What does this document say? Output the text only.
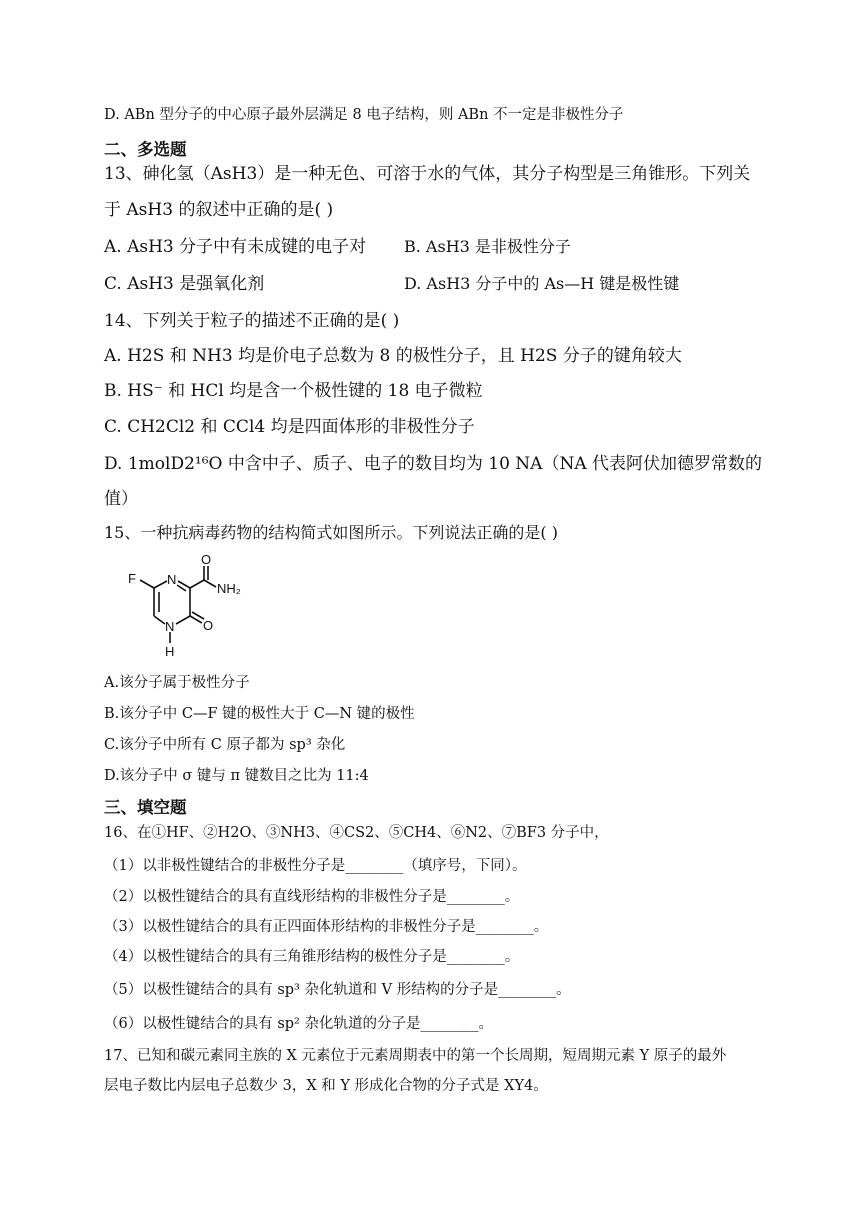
D. ABn 型分子的中心原子最外层满足 8 电子结构，则 ABn 不一定是非极性分子
二、多选题
13、砷化氢（AsH3）是一种无色、可溶于水的气体，其分子构型是三角锥形。下列关
于 AsH3 的叙述中正确的是( )
A. AsH3 分子中有未成键的电子对 B. AsH3 是非极性分子
C. AsH3 是强氧化剂	D. AsH3 分子中的 As—H 键是极性键
14、下列关于粒子的描述不正确的是( )
A. H2S 和 NH3 均是价电子总数为 8 的极性分子，且 H2S 分子的键角较大
B. HS⁻ 和 HCl 均是含一个极性键的 18 电子微粒
C. CH2Cl2 和 CCl4 均是四面体形的非极性分子
D. 1molD2¹⁶O 中含中子、质子、电子的数目均为 10 NA（NA 代表阿伏加德罗常数的
值）
15、一种抗病毒药物的结构简式如图所示。下列说法正确的是( )
F N
O
NH₂
O
N
H
A.该分子属于极性分子
B.该分子中 C—F 键的极性大于 C—N 键的极性
C.该分子中所有 C 原子都为 sp³ 杂化
D.该分子中 σ 键与 π 键数目之比为 11:4
三、填空题
16、在①HF、②H2O、③NH3、④CS2、⑤CH4、⑥N2、⑦BF3 分子中，
（1）以非极性键结合的非极性分子是________（填序号，下同）。
（2）以极性键结合的具有直线形结构的非极性分子是________。
（3）以极性键结合的具有正四面体形结构的非极性分子是________。
（4）以极性键结合的具有三角锥形结构的极性分子是________。
（5）以极性键结合的具有 sp³ 杂化轨道和 V 形结构的分子是________。
（6）以极性键结合的具有 sp² 杂化轨道的分子是________。
17、已知和碳元素同主族的 X 元素位于元素周期表中的第一个长周期，短周期元素 Y 原子的最外
层电子数比内层电子总数少 3，X 和 Y 形成化合物的分子式是 XY4。
